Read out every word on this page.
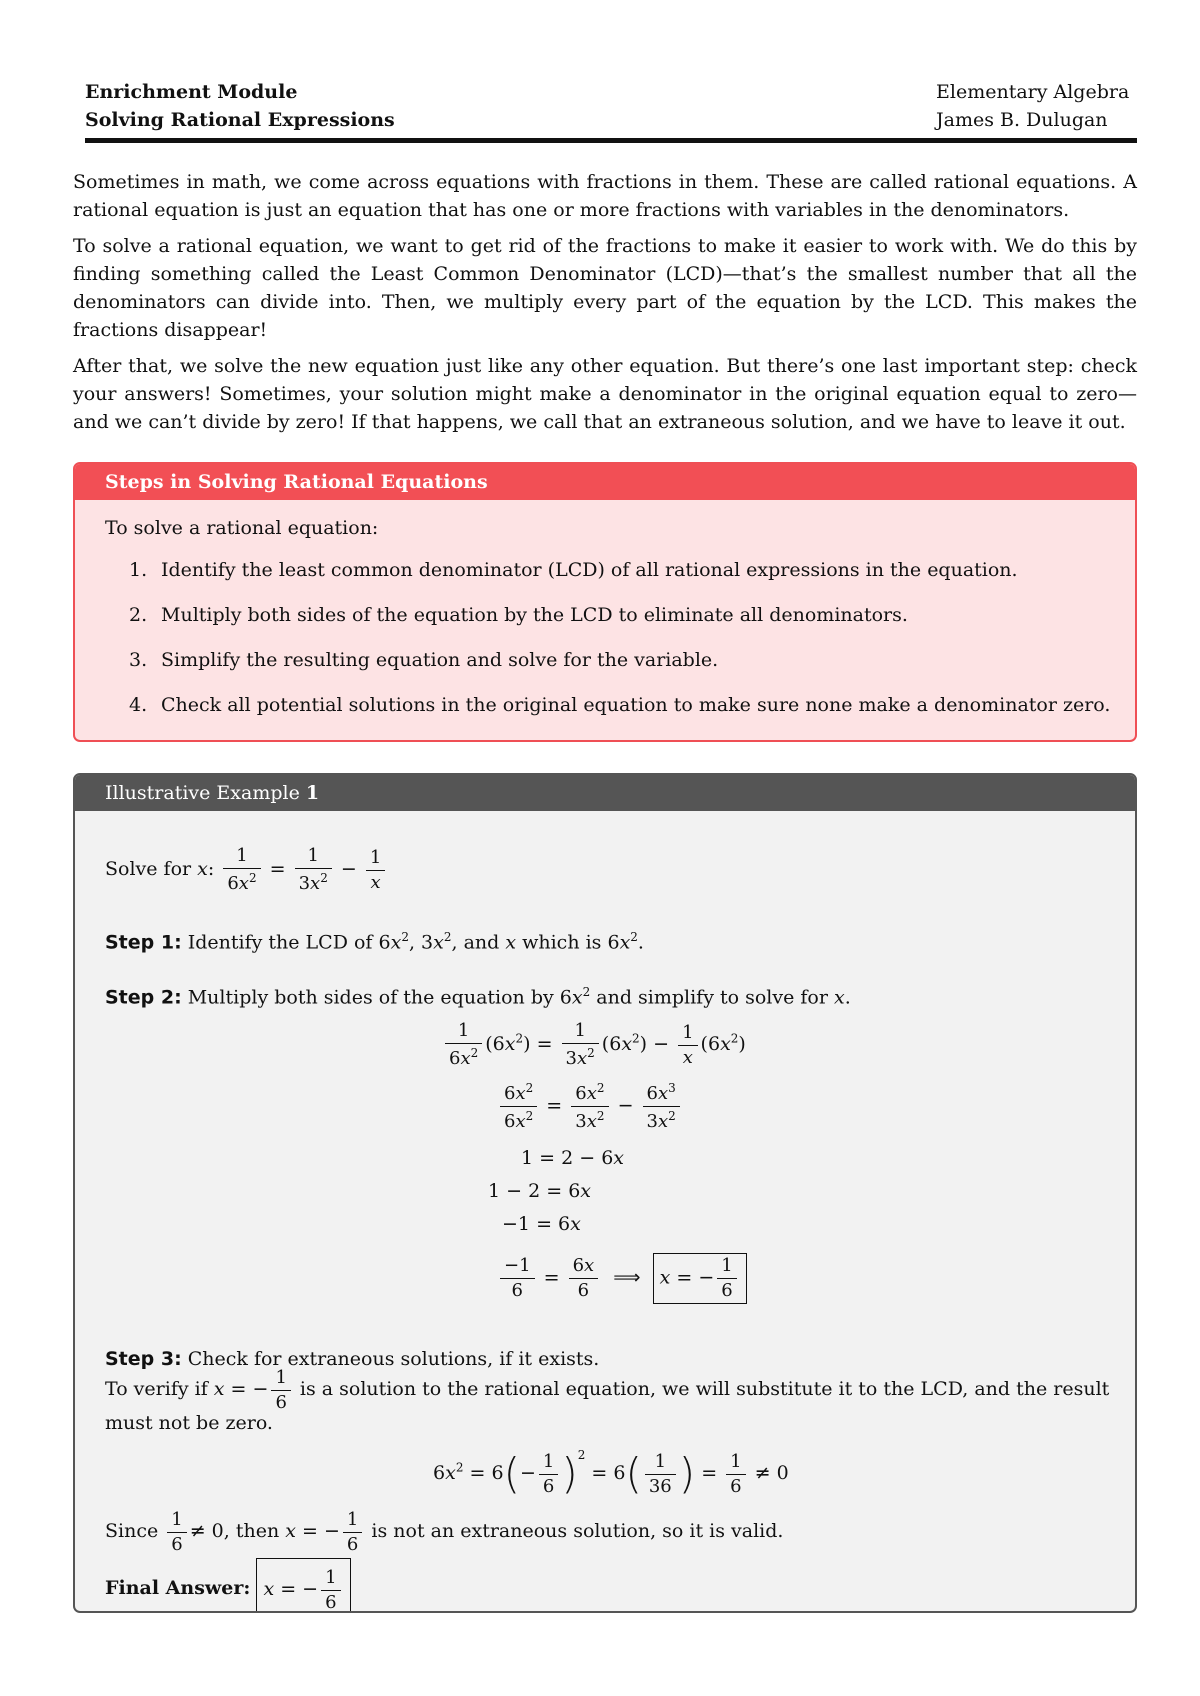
Enrichment Module
Solving Rational Expressions
Elementary Algebra
James B. Dulugan

Sometimes in math, we come across equations with fractions in them. These are called rational equations. A rational equation is just an equation that has one or more fractions with variables in the denominators.

To solve a rational equation, we want to get rid of the fractions to make it easier to work with. We do this by finding something called the Least Common Denominator (LCD)—that’s the smallest number that all the denominators can divide into. Then, we multiply every part of the equation by the LCD. This makes the fractions disappear!

After that, we solve the new equation just like any other equation. But there’s one last important step: check your answers! Sometimes, your solution might make a denominator in the original equation equal to zero—and we can’t divide by zero! If that happens, we call that an extraneous solution, and we have to leave it out.

Steps in Solving Rational Equations
To solve a rational equation:
1. Identify the least common denominator (LCD) of all rational expressions in the equation.
2. Multiply both sides of the equation by the LCD to eliminate all denominators.
3. Simplify the resulting equation and solve for the variable.
4. Check all potential solutions in the original equation to make sure none make a denominator zero.
Illustrative Example 1
Solve for x: $\frac{1}{6x^2} = \frac{1}{3x^2} - \frac{1}{x}$
Step 1: Identify the LCD of $6x^2$, $3x^2$, and x which is $6x^2$.
Step 2: Multiply both sides of the equation by $6x^2$ and simplify to solve for x.
$\frac{1}{6x^2} (6x^2) = \frac{1}{3x^2} (6x^2) - \frac{1}{x} (6x^2)$
$\frac{6x^2}{6x^2} = \frac{6x^2}{3x^2} - \frac{6x^3}{3x^2}$
1 = 2 − 6x
1 − 2 = 6x
−1 = 6x
$\frac{-1}{6} = \frac{6x}{6}$ ⟹  x = − $\frac{1}{6}$
Step 3: Check for extraneous solutions, if it exists.
To verify if x = − $\frac{1}{6}$ is a solution to the rational equation, we will substitute it to the LCD, and the result
must not be zero.
$6x^2 = 6(- \frac{1}{6} )^2 = 6( \frac{1}{36}$ ) = $\frac{1}{6} \ne 0$
Since $\frac{1}{6} \ne 0$, then x = − $\frac{1}{6}$ is not an extraneous solution, so it is valid.
Final Answer: x = − $\frac{1}{6}$
